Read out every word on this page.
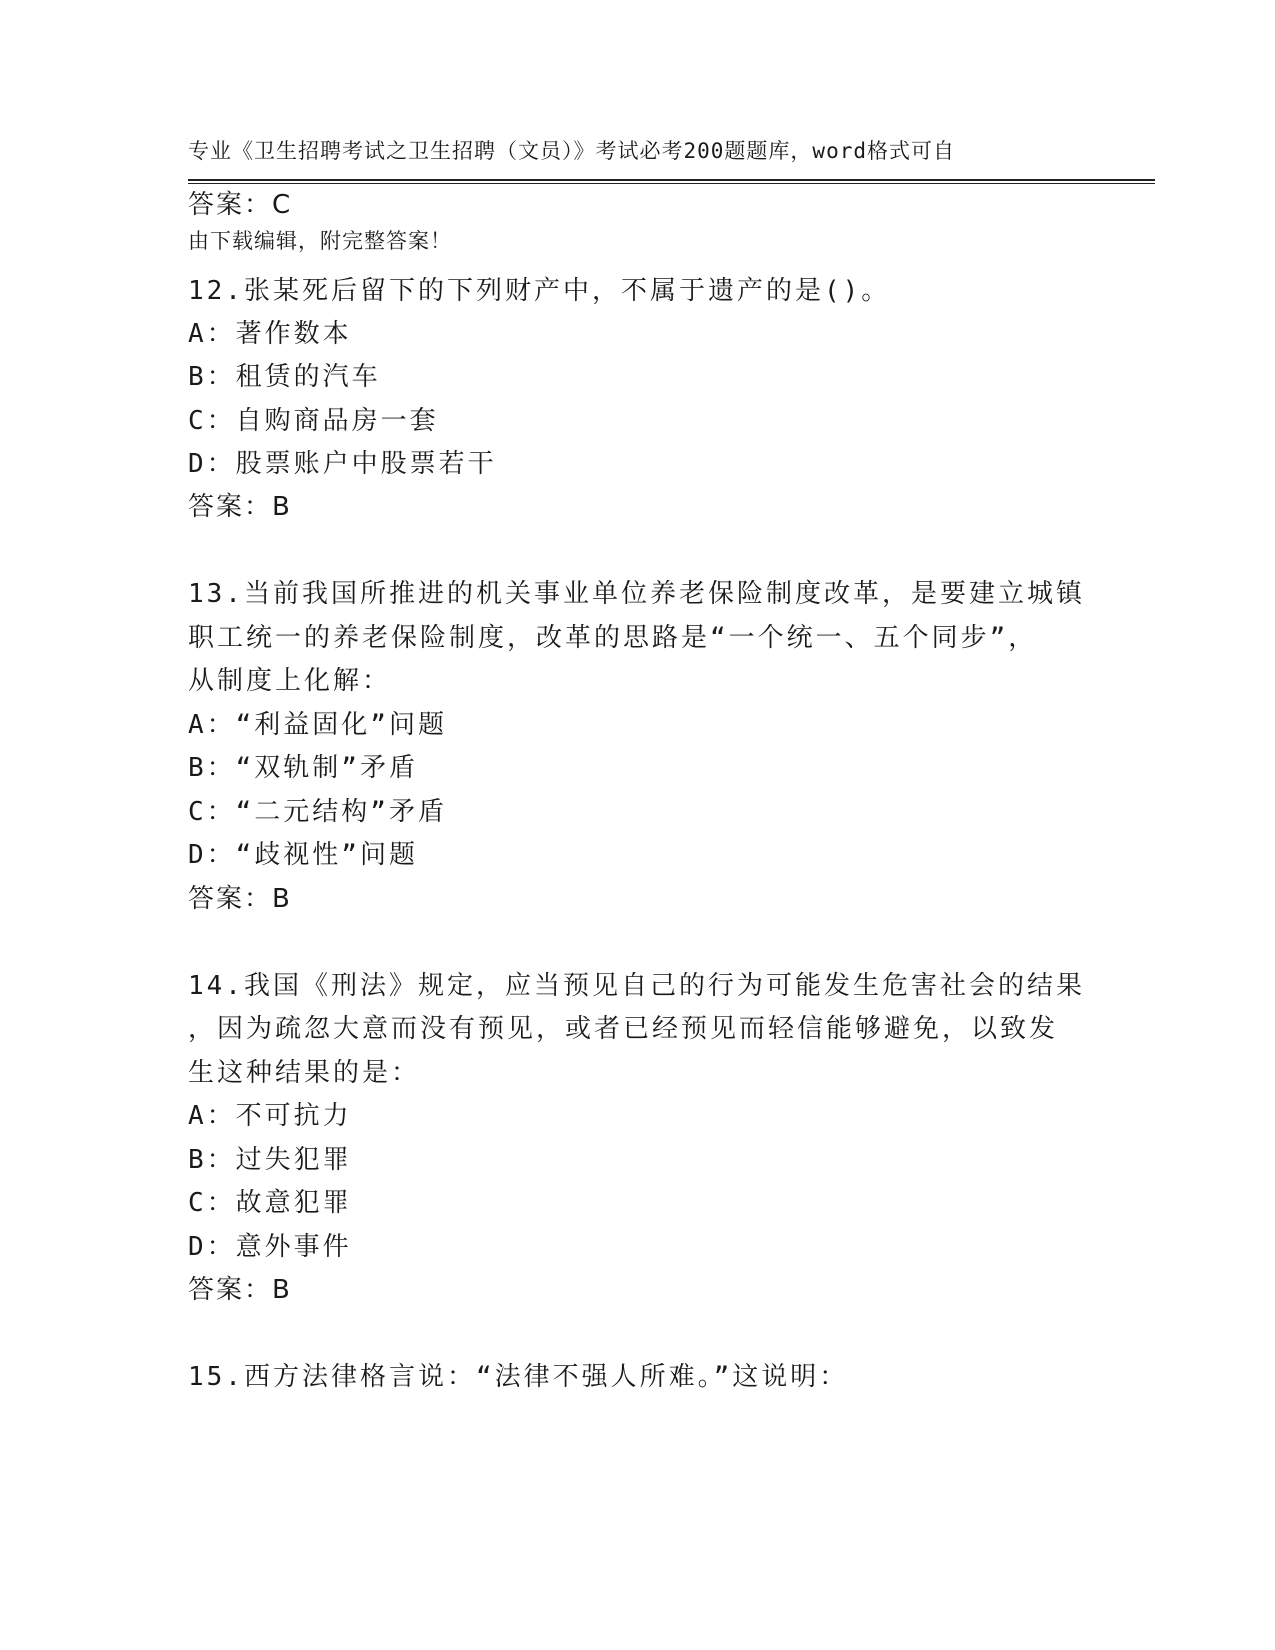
专业《卫生招聘考试之卫生招聘（文员）》考试必考200题题库，word格式可自

由下载编辑，附完整答案！

答案：C
12.张某死后留下的下列财产中，不属于遗产的是()。
A：著作数本
B：租赁的汽车
C：自购商品房一套
D：股票账户中股票若干
答案：B
13.当前我国所推进的机关事业单位养老保险制度改革，是要建立城镇
职工统一的养老保险制度，改革的思路是“一个统一、五个同步”，
从制度上化解：
A：“利益固化”问题
B：“双轨制”矛盾
C：“二元结构”矛盾
D：“歧视性”问题
答案：B
14.我国《刑法》规定，应当预见自己的行为可能发生危害社会的结果
，因为疏忽大意而没有预见，或者已经预见而轻信能够避免，以致发
生这种结果的是：
A：不可抗力
B：过失犯罪
C：故意犯罪
D：意外事件
答案：B
15.西方法律格言说：“法律不强人所难。”这说明：
